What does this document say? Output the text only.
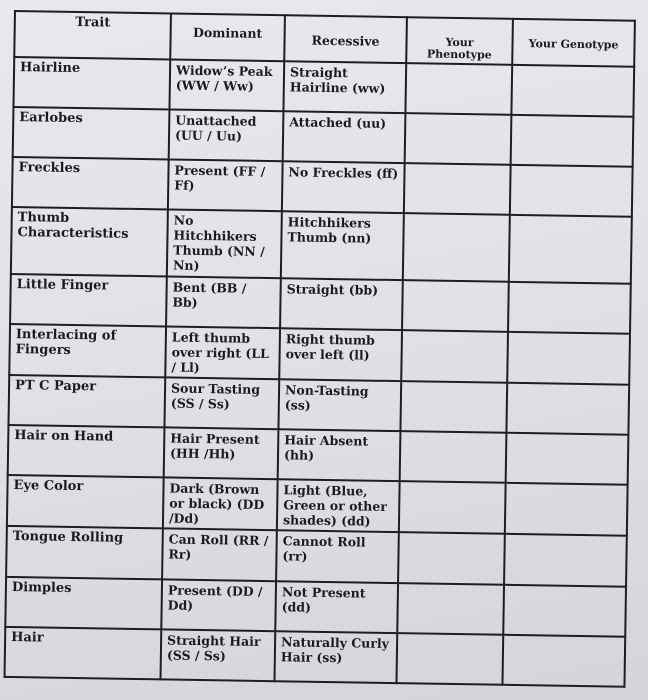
Trait	Dominant	Recessive	Your Phenotype	Your Genotype
Hairline	Widow’s Peak (WW / Ww)	Straight Hairline (ww)		
Earlobes	Unattached (UU / Uu)	Attached (uu)		
Freckles	Present (FF / Ff)	No Freckles (ff)		
Thumb Characteristics	No Hitchhikers Thumb (NN / Nn)	Hitchhikers Thumb (nn)		
Little Finger	Bent (BB / Bb)	Straight (bb)		
Interlacing of Fingers	Left thumb over right (LL / Ll)	Right thumb over left (ll)		
PT C Paper	Sour Tasting (SS / Ss)	Non-Tasting (ss)		
Hair on Hand	Hair Present (HH /Hh)	Hair Absent (hh)		
Eye Color	Dark (Brown or black) (DD /Dd)	Light (Blue, Green or other shades) (dd)		
Tongue Rolling	Can Roll (RR / Rr)	Cannot Roll (rr)		
Dimples	Present (DD / Dd)	Not Present (dd)		
Hair	Straight Hair (SS / Ss)	Naturally Curly Hair (ss)		
